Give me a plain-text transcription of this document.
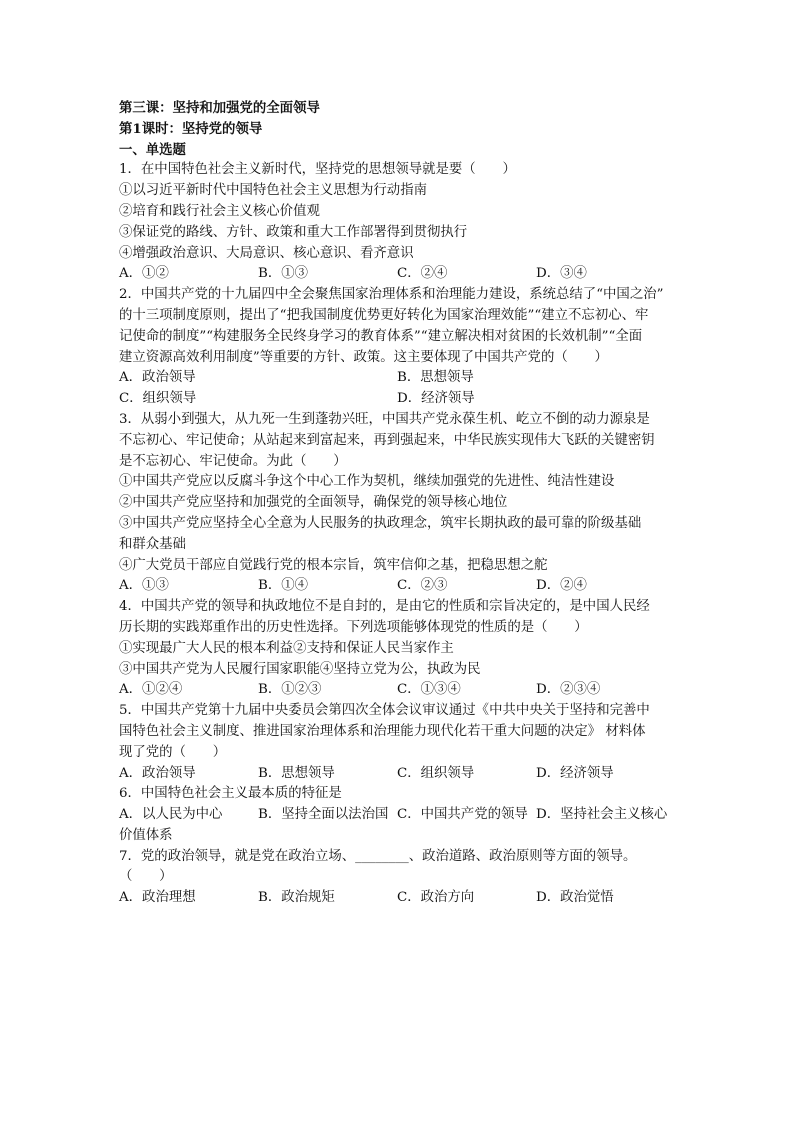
第三课：坚持和加强党的全面领导
第1课时：坚持党的领导
一、单选题
1．在中国特色社会主义新时代，坚持党的思想领导就是要（　　）
①以习近平新时代中国特色社会主义思想为行动指南
②培育和践行社会主义核心价值观
③保证党的路线、方针、政策和重大工作部署得到贯彻执行
④增强政治意识、大局意识、核心意识、看齐意识
A．①②	B．①③	C．②④	D．③④
2．中国共产党的十九届四中全会聚焦国家治理体系和治理能力建设，系统总结了“中国之治”
的十三项制度原则，提出了“把我国制度优势更好转化为国家治理效能”“建立不忘初心、牢
记使命的制度”“构建服务全民终身学习的教育体系”“建立解决相对贫困的长效机制”“全面
建立资源高效利用制度”等重要的方针、政策。这主要体现了中国共产党的（　　）
A．政治领导	B．思想领导
C．组织领导	D．经济领导
3．从弱小到强大，从九死一生到蓬勃兴旺，中国共产党永葆生机、屹立不倒的动力源泉是
不忘初心、牢记使命；从站起来到富起来，再到强起来，中华民族实现伟大飞跃的关键密钥
是不忘初心、牢记使命。为此（　　）
①中国共产党应以反腐斗争这个中心工作为契机，继续加强党的先进性、纯洁性建设
②中国共产党应坚持和加强党的全面领导，确保党的领导核心地位
③中国共产党应坚持全心全意为人民服务的执政理念，筑牢长期执政的最可靠的阶级基础
和群众基础
④广大党员干部应自觉践行党的根本宗旨，筑牢信仰之基，把稳思想之舵
A．①③	B．①④	C．②③	D．②④
4．中国共产党的领导和执政地位不是自封的，是由它的性质和宗旨决定的，是中国人民经
历长期的实践郑重作出的历史性选择。下列选项能够体现党的性质的是（　　）
①实现最广大人民的根本利益②支持和保证人民当家作主
③中国共产党为人民履行国家职能④坚持立党为公，执政为民
A．①②④	B．①②③	C．①③④	D．②③④
5．中国共产党第十九届中央委员会第四次全体会议审议通过《中共中央关于坚持和完善中
国特色社会主义制度、推进国家治理体系和治理能力现代化若干重大问题的决定》 材料体
现了党的（　　）
A．政治领导	B．思想领导	C．组织领导	D．经济领导
6．中国特色社会主义最本质的特征是
A．以人民为中心	B．坚持全面以法治国 C．中国共产党的领导 D．坚持社会主义核心
价值体系
7．党的政治领导，就是党在政治立场、________、政治道路、政治原则等方面的领导。
（　　）
A．政治理想	B．政治规矩	C．政治方向	D．政治觉悟
